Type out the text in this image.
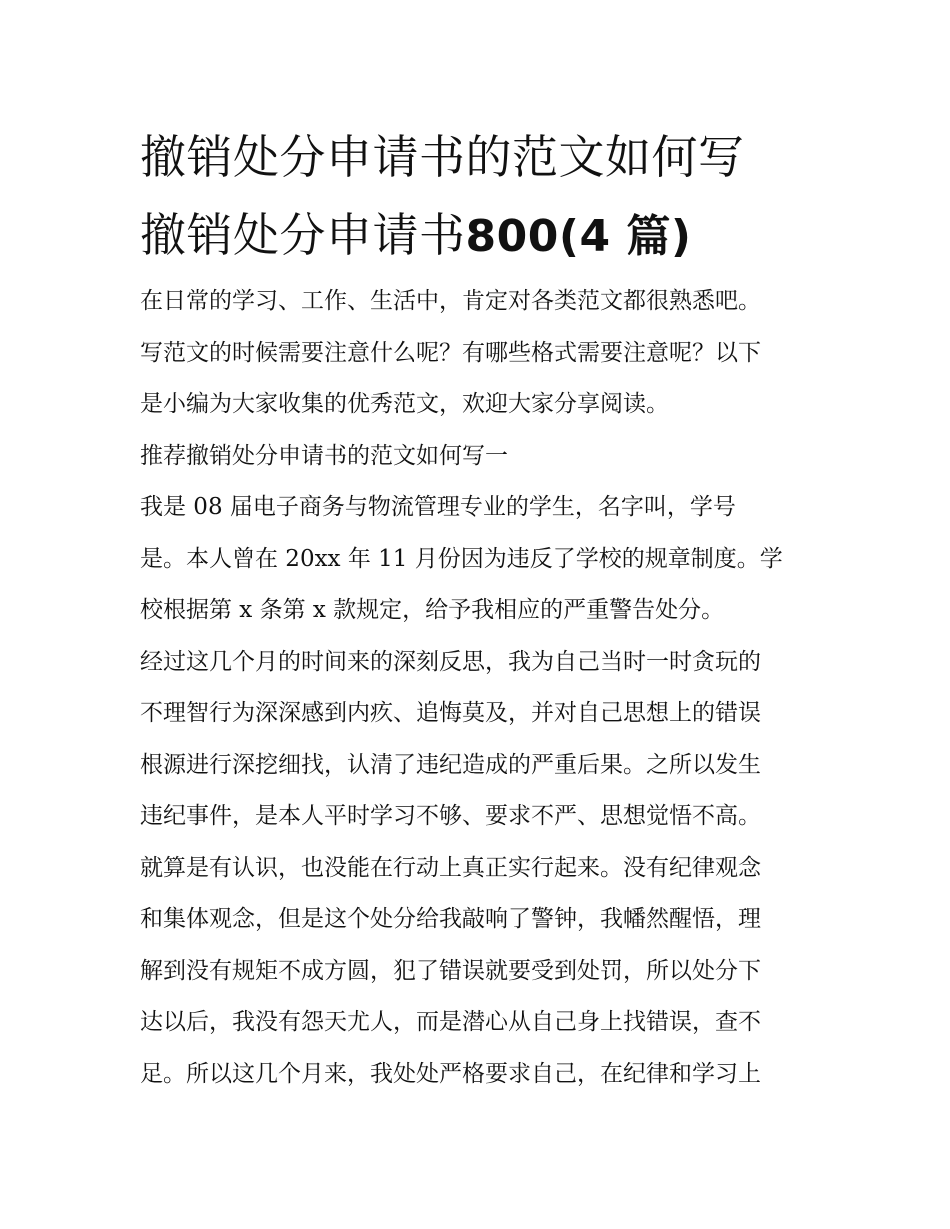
撤销处分申请书的范文如何写
撤销处分申请书800(4 篇)
在日常的学习、工作、生活中，肯定对各类范文都很熟悉吧。
写范文的时候需要注意什么呢？有哪些格式需要注意呢？以下
是小编为大家收集的优秀范文，欢迎大家分享阅读。
推荐撤销处分申请书的范文如何写一
我是 08 届电子商务与物流管理专业的学生，名字叫，学号
是。本人曾在 20xx 年 11 月份因为违反了学校的规章制度。学
校根据第 x 条第 x 款规定，给予我相应的严重警告处分。
经过这几个月的时间来的深刻反思，我为自己当时一时贪玩的
不理智行为深深感到内疚、追悔莫及，并对自己思想上的错误
根源进行深挖细找，认清了违纪造成的严重后果。之所以发生
违纪事件，是本人平时学习不够、要求不严、思想觉悟不高。
就算是有认识，也没能在行动上真正实行起来。没有纪律观念
和集体观念，但是这个处分给我敲响了警钟，我幡然醒悟，理
解到没有规矩不成方圆，犯了错误就要受到处罚，所以处分下
达以后，我没有怨天尤人，而是潜心从自己身上找错误，查不
足。所以这几个月来，我处处严格要求自己，在纪律和学习上
